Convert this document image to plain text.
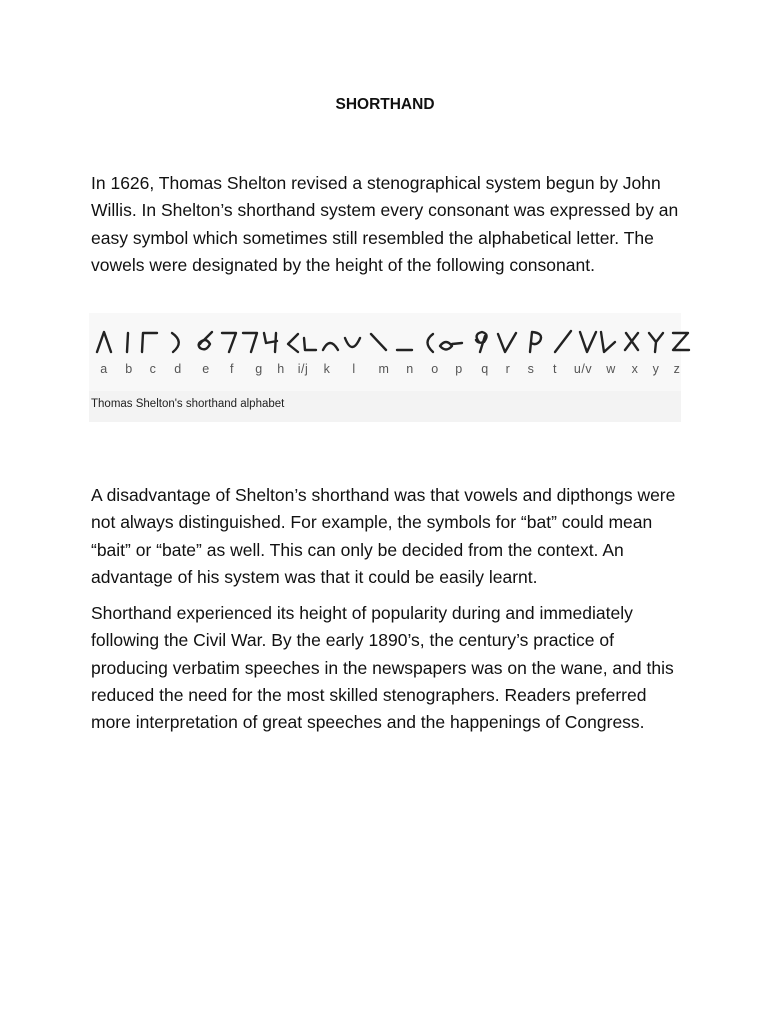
SHORTHAND

In 1626, Thomas Shelton revised a stenographical system begun by John Willis. In Shelton’s shorthand system every consonant was expressed by an easy symbol which sometimes still resembled the alphabetical letter. The vowels were designated by the height of the following consonant.

a b c d e f g h i/j k l m n o p q r s t u/v w x y z
Thomas Shelton's shorthand alphabet

A disadvantage of Shelton’s shorthand was that vowels and dipthongs were not always distinguished. For example, the symbols for “bat” could mean “bait” or “bate” as well. This can only be decided from the context. An advantage of his system was that it could be easily learnt.

Shorthand experienced its height of popularity during and immediately following the Civil War. By the early 1890’s, the century’s practice of producing verbatim speeches in the newspapers was on the wane, and this reduced the need for the most skilled stenographers. Readers preferred more interpretation of great speeches and the happenings of Congress.
